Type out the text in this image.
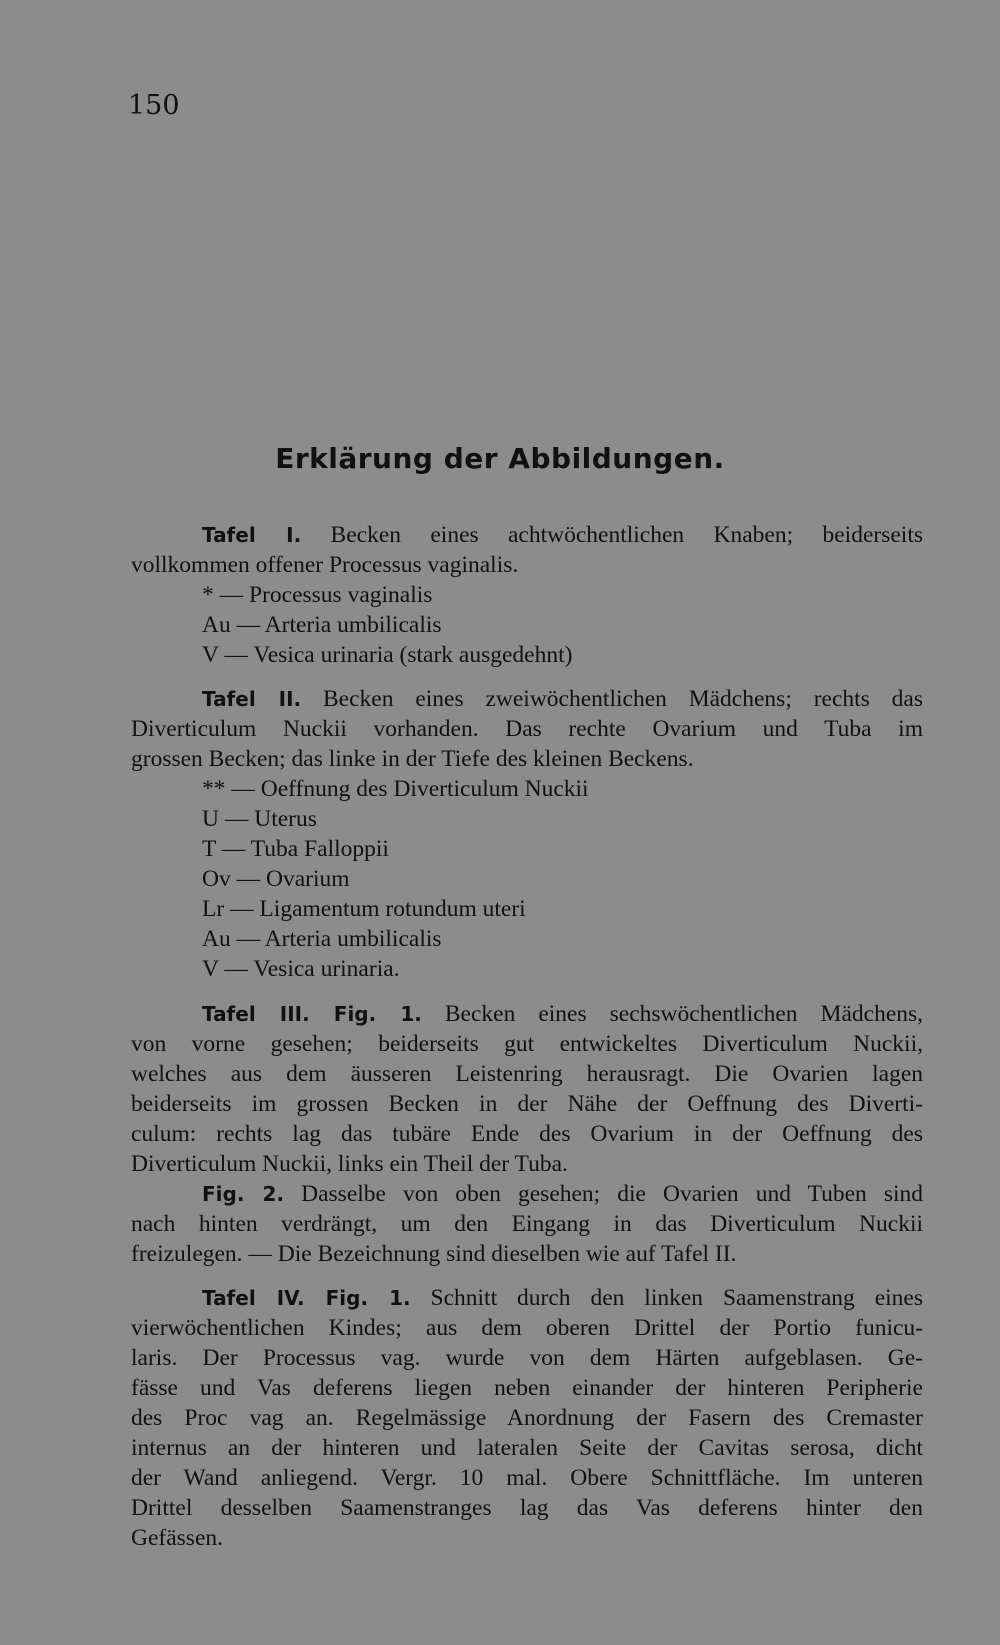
150
Erklärung der Abbildungen.
Tafel I. Becken eines achtwöchentlichen Knaben; beiderseits
vollkommen offener Processus vaginalis.
* — Processus vaginalis
Au — Arteria umbilicalis
V — Vesica urinaria (stark ausgedehnt)
Tafel II. Becken eines zweiwöchentlichen Mädchens; rechts das
Diverticulum Nuckii vorhanden. Das rechte Ovarium und Tuba im
grossen Becken; das linke in der Tiefe des kleinen Beckens.
** — Oeffnung des Diverticulum Nuckii
U — Uterus
T — Tuba Falloppii
Ov — Ovarium
Lr — Ligamentum rotundum uteri
Au — Arteria umbilicalis
V — Vesica urinaria.
Tafel III. Fig. 1. Becken eines sechswöchentlichen Mädchens,
von vorne gesehen; beiderseits gut entwickeltes Diverticulum Nuckii,
welches aus dem äusseren Leistenring herausragt. Die Ovarien lagen
beiderseits im grossen Becken in der Nähe der Oeffnung des Diverti-
culum: rechts lag das tubäre Ende des Ovarium in der Oeffnung des
Diverticulum Nuckii, links ein Theil der Tuba.
Fig. 2. Dasselbe von oben gesehen; die Ovarien und Tuben sind
nach hinten verdrängt, um den Eingang in das Diverticulum Nuckii
freizulegen. — Die Bezeichnung sind dieselben wie auf Tafel II.
Tafel IV. Fig. 1. Schnitt durch den linken Saamenstrang eines
vierwöchentlichen Kindes; aus dem oberen Drittel der Portio funicu-
laris. Der Processus vag. wurde von dem Härten aufgeblasen. Ge-
fässe und Vas deferens liegen neben einander der hinteren Peripherie
des Proc vag an. Regelmässige Anordnung der Fasern des Cremaster
internus an der hinteren und lateralen Seite der Cavitas serosa, dicht
der Wand anliegend. Vergr. 10 mal. Obere Schnittfläche. Im unteren
Drittel desselben Saamenstranges lag das Vas deferens hinter den
Gefässen.
